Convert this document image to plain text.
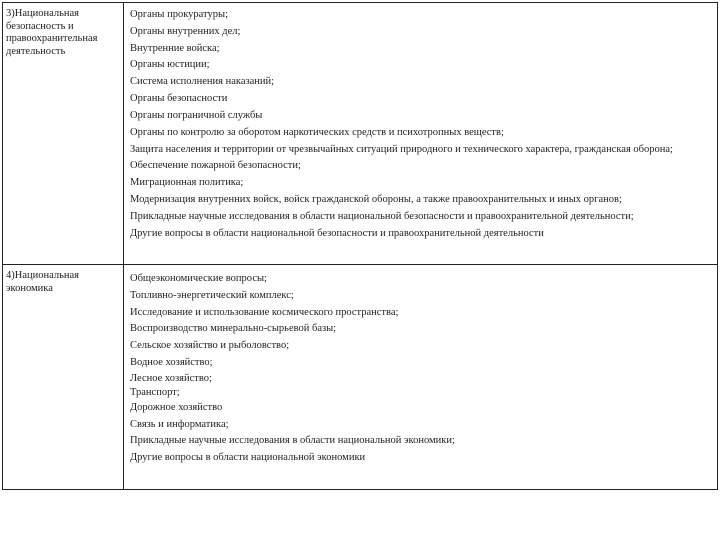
3)Национальная
безопасность и
правоохранительная
деятельность
Органы прокуратуры;
Органы внутренних дел;
Внутренние войска;
Органы юстиции;
Система исполнения наказаний;
Органы безопасности
Органы пограничной службы
Органы по контролю за оборотом наркотических средств и психотропных веществ;
Защита населения и территории от чрезвычайных ситуаций природного и технического характера, гражданская оборона;
Обеспечение пожарной безопасности;
Миграционная политика;
Модернизация внутренних войск, войск гражданской обороны, а также правоохранительных и иных органов;
Прикладные научные исследования в области национальной безопасности и правоохранительной деятельности;
Другие вопросы в области национальной безопасности и правоохранительной деятельности
4)Национальная
экономика
Общеэкономические вопросы;
Топливно-энергетический комплекс;
Исследование и использование космического пространства;
Воспроизводство минерально-сырьевой базы;
Сельское хозяйство и рыболовство;
Водное хозяйство;
Лесное хозяйство;
Транспорт;
Дорожное хозяйство
Связь и информатика;
Прикладные научные исследования в области национальной экономики;
Другие вопросы в области национальной экономики
